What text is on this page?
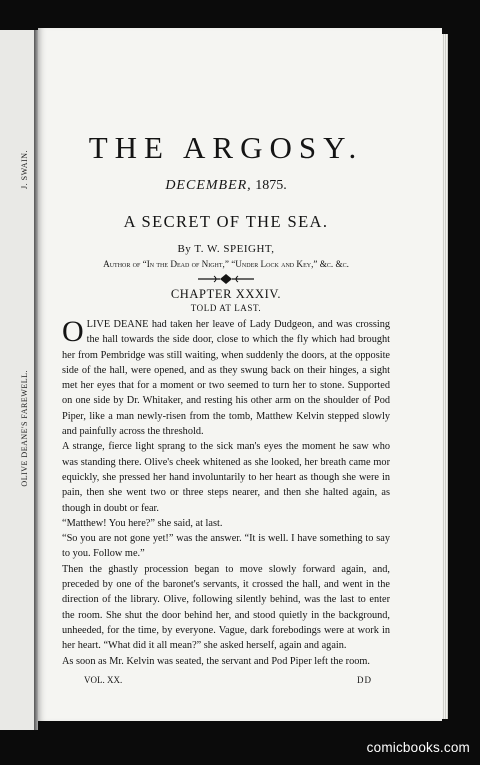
J. SWAIN.
OLIVE DEANE'S FAREWELL.
THE ARGOSY.
DECEMBER, 1875.
A SECRET OF THE SEA.
By T. W. SPEIGHT,
Author of “In the Dead of Night,” “Under Lock and Key,” &c. &c.
CHAPTER XXXIV.
TOLD AT LAST.

O LIVE DEANE had taken her leave of Lady Dudgeon, and was crossing the hall towards the side door, close to which the fly which had brought her from Pembridge was still waiting, when suddenly the doors, at the opposite side of the hall, were opened, and as they swung back on their hinges, a sight met her eyes that for a moment or two seemed to turn her to stone. Supported on one side by Dr. Whitaker, and resting his other arm on the shoulder of Pod Piper, like a man newly-risen from the tomb, Matthew Kelvin stepped slowly and painfully across the threshold.

A strange, fierce light sprang to the sick man's eyes the moment he saw who was standing there. Olive's cheek whitened as she looked, her breath came mor equickly, she pressed her hand involuntarily to her heart as though she were in pain, then she went two or three steps nearer, and then she halted again, as though in doubt or fear.

“Matthew! You here?” she said, at last.

“So you are not gone yet!” was the answer. “It is well. I have something to say to you. Follow me.”

Then the ghastly procession began to move slowly forward again, and, preceded by one of the baronet's servants, it crossed the hall, and went in the direction of the library. Olive, following silently behind, was the last to enter the room. She shut the door behind her, and stood quietly in the background, unheeded, for the time, by everyone. Vague, dark forebodings were at work in her heart. “What did it all mean?” she asked herself, again and again.

As soon as Mr. Kelvin was seated, the servant and Pod Piper left the room.

VOL. XX.	DD
comicbooks.com
